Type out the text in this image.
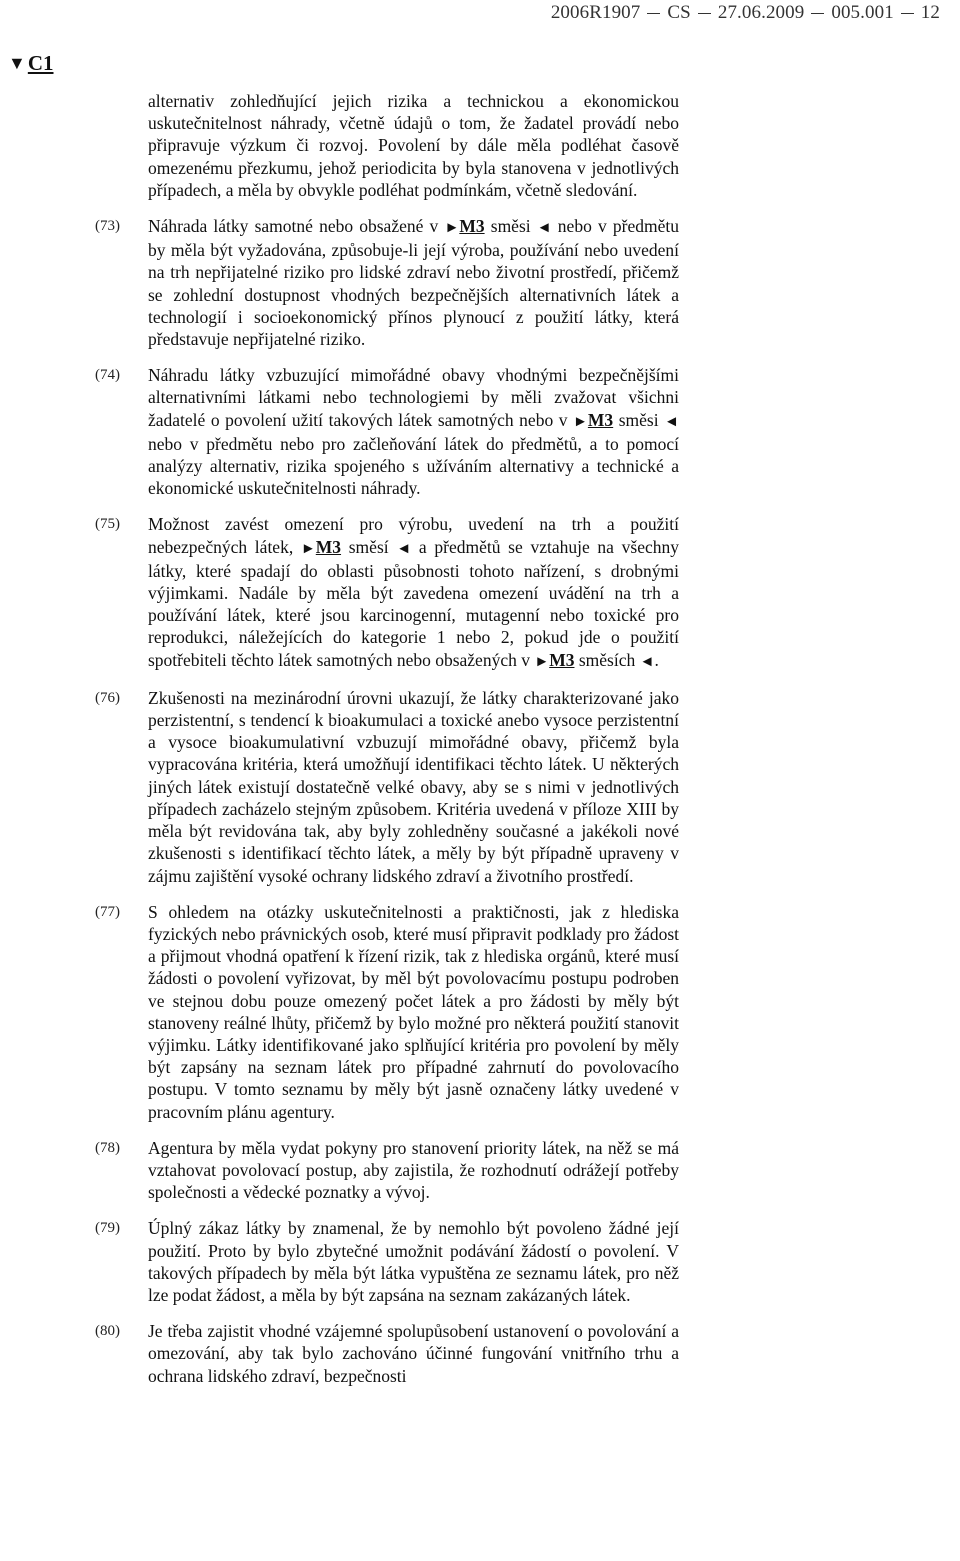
2006R1907 CS 27.06.2009 005.001 12
▼ C1

alternativ zohledňující jejich rizika a technickou a ekonomickou uskutečnitelnost náhrady, včetně údajů o tom, že žadatel provádí nebo připravuje výzkum či rozvoj. Povolení by dále měla podléhat časově omezenému přezkumu, jehož periodicita by byla stanovena v jednotlivých případech, a měla by obvykle podléhat podmínkám, včetně sledování.

(73) Náhrada látky samotné nebo obsažené v ►M3 směsi ◄ nebo v předmětu by měla být vyžadována, způsobuje-li její výroba, používání nebo uvedení na trh nepřijatelné riziko pro lidské zdraví nebo životní prostředí, přičemž se zohlední dostupnost vhodných bezpečnějších alternativních látek a technologií i socioekonomický přínos plynoucí z použití látky, která představuje nepřijatelné riziko.

(74) Náhradu látky vzbuzující mimořádné obavy vhodnými bezpečnějšími alternativními látkami nebo technologiemi by měli zvažovat všichni žadatelé o povolení užití takových látek samotných nebo v ►M3 směsi ◄ nebo v předmětu nebo pro začleňování látek do předmětů, a to pomocí analýzy alternativ, rizika spojeného s užíváním alternativy a technické a ekonomické uskutečnitelnosti náhrady.

(75) Možnost zavést omezení pro výrobu, uvedení na trh a použití nebezpečných látek, ►M3 směsí ◄ a předmětů se vztahuje na všechny látky, které spadají do oblasti působnosti tohoto nařízení, s drobnými výjimkami. Nadále by měla být zavedena omezení uvádění na trh a používání látek, které jsou karcinogenní, mutagenní nebo toxické pro reprodukci, náležejících do kategorie 1 nebo 2, pokud jde o použití spotřebiteli těchto látek samotných nebo obsažených v ►M3 směsích ◄.

(76) Zkušenosti na mezinárodní úrovni ukazují, že látky charakterizované jako perzistentní, s tendencí k bioakumulaci a toxické anebo vysoce perzistentní a vysoce bioakumulativní vzbuzují mimořádné obavy, přičemž byla vypracována kritéria, která umožňují identifikaci těchto látek. U některých jiných látek existují dostatečně velké obavy, aby se s nimi v jednotlivých případech zacházelo stejným způsobem. Kritéria uvedená v příloze XIII by měla být revidována tak, aby byly zohledněny současné a jakékoli nové zkušenosti s identifikací těchto látek, a měly by být případně upraveny v zájmu zajištění vysoké ochrany lidského zdraví a životního prostředí.

(77) S ohledem na otázky uskutečnitelnosti a praktičnosti, jak z hlediska fyzických nebo právnických osob, které musí připravit podklady pro žádost a přijmout vhodná opatření k řízení rizik, tak z hlediska orgánů, které musí žádosti o povolení vyřizovat, by měl být povolovacímu postupu podroben ve stejnou dobu pouze omezený počet látek a pro žádosti by měly být stanoveny reálné lhůty, přičemž by bylo možné pro některá použití stanovit výjimku. Látky identifikované jako splňující kritéria pro povolení by měly být zapsány na seznam látek pro případné zahrnutí do povolovacího postupu. V tomto seznamu by měly být jasně označeny látky uvedené v pracovním plánu agentury.

(78) Agentura by měla vydat pokyny pro stanovení priority látek, na něž se má vztahovat povolovací postup, aby zajistila, že rozhodnutí odrážejí potřeby společnosti a vědecké poznatky a vývoj.

(79) Úplný zákaz látky by znamenal, že by nemohlo být povoleno žádné její použití. Proto by bylo zbytečné umožnit podávání žádostí o povolení. V takových případech by měla být látka vypuštěna ze seznamu látek, pro něž lze podat žádost, a měla by být zapsána na seznam zakázaných látek.

(80) Je třeba zajistit vhodné vzájemné spolupůsobení ustanovení o povolování a omezování, aby tak bylo zachováno účinné fungování vnitřního trhu a ochrana lidského zdraví, bezpečnosti
